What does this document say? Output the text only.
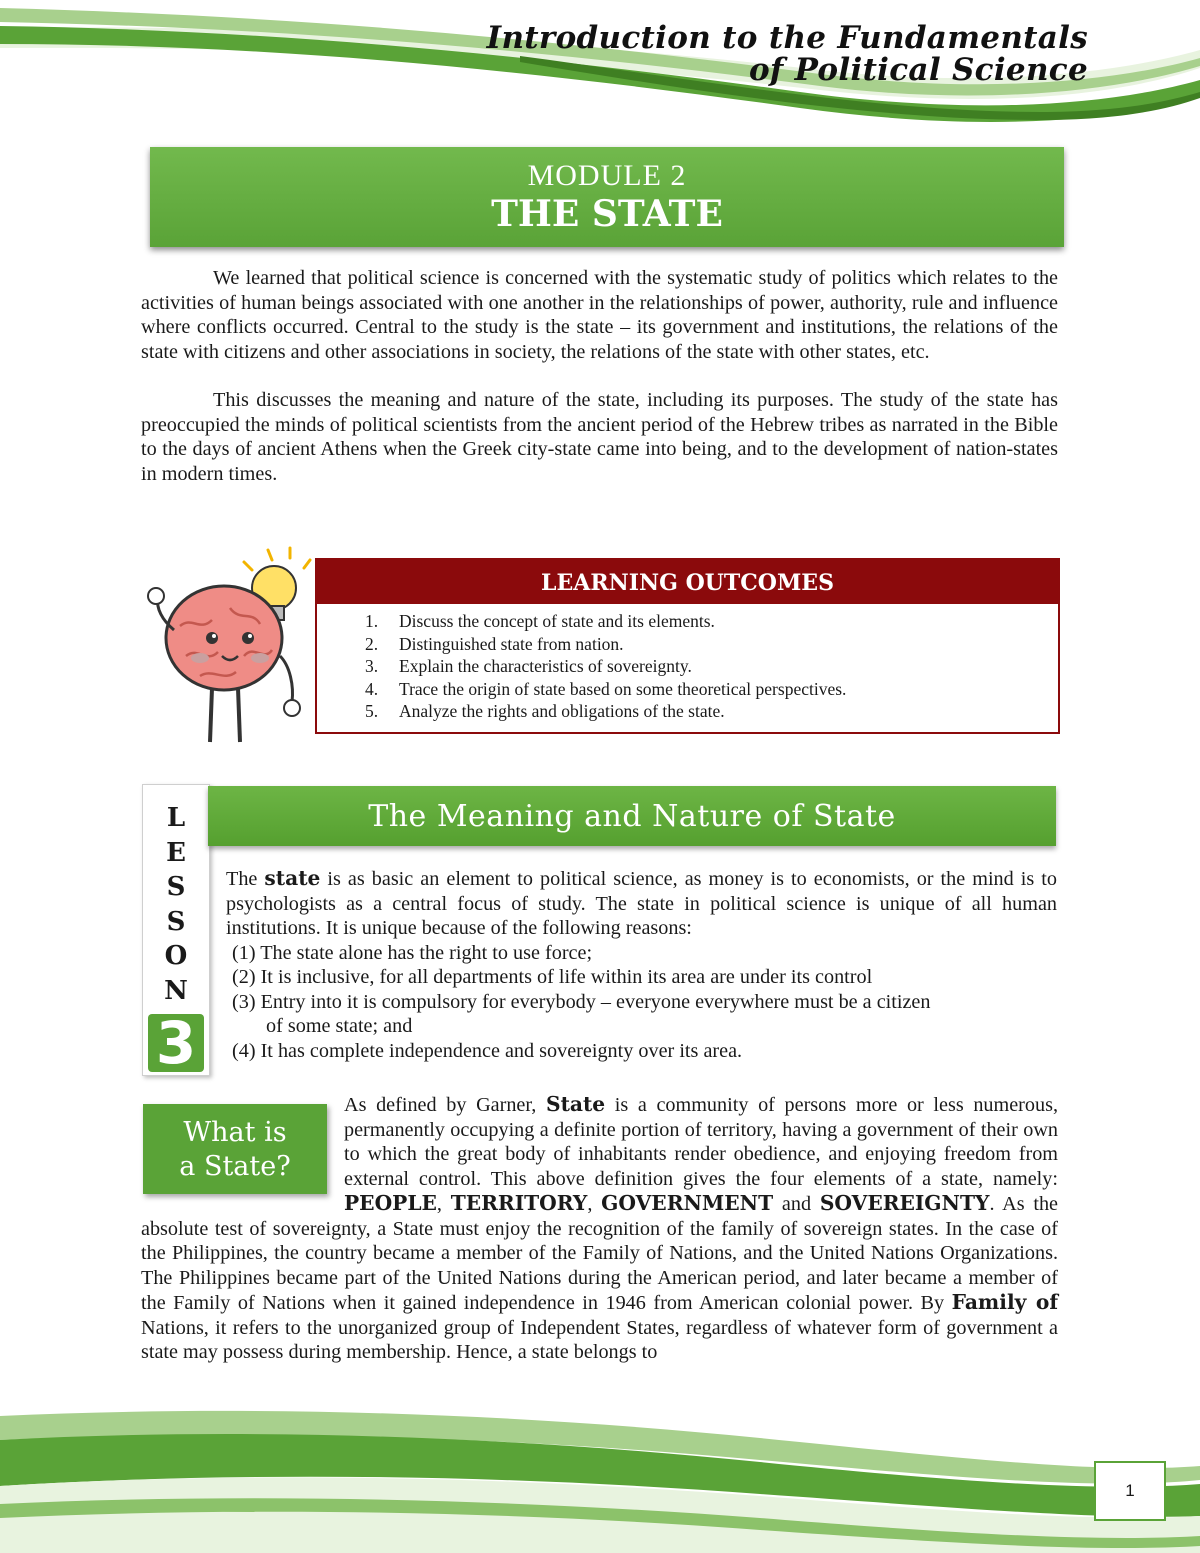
Introduction to the Fundamentals
of Political Science
MODULE 2
THE STATE

We learned that political science is concerned with the systematic study of politics which relates to the activities of human beings associated with one another in the relationships of power, authority, rule and influence where conflicts occurred. Central to the study is the state – its government and institutions, the relations of the state with citizens and other associations in society, the relations of the state with other states, etc.

This discusses the meaning and nature of the state, including its purposes. The study of the state has preoccupied the minds of political scientists from the ancient period of the Hebrew tribes as narrated in the Bible to the days of ancient Athens when the Greek city-state came into being, and to the development of nation-states in modern times.

LEARNING OUTCOMES
1. Discuss the concept of state and its elements.
2. Distinguished state from nation.
3. Explain the characteristics of sovereignty.
4. Trace the origin of state based on some theoretical perspectives.
5. Analyze the rights and obligations of the state.
L
E
S
S
O
N
3
The Meaning and Nature of State
The state is as basic an element to political science, as money is to economists, or the mind is to psychologists as a central focus of study. The state in political science is unique of all human institutions. It is unique because of the following reasons:
(1) The state alone has the right to use force;
(2) It is inclusive, for all departments of life within its area are under its control
(3) Entry into it is compulsory for everybody – everyone everywhere must be a citizen
of some state; and
(4) It has complete independence and sovereignty over its area.
What is
a State?
As defined by Garner, State is a community of persons more or less numerous, permanently occupying a definite portion of territory, having a government of their own to which the great body of inhabitants render obedience, and enjoying freedom from external control. This above definition gives the four elements of a state, namely: PEOPLE, TERRITORY, GOVERNMENT and SOVEREIGNTY. As the absolute test of sovereignty, a State must enjoy the recognition of the family of sovereign states. In the case of the Philippines, the country became a member of the Family of Nations, and the United Nations Organizations. The Philippines became part of the United Nations during the American period, and later became a member of the Family of Nations when it gained independence in 1946 from American colonial power. By Family of Nations, it refers to the unorganized group of Independent States, regardless of whatever form of government a state may possess during membership. Hence, a state belongs to
1
